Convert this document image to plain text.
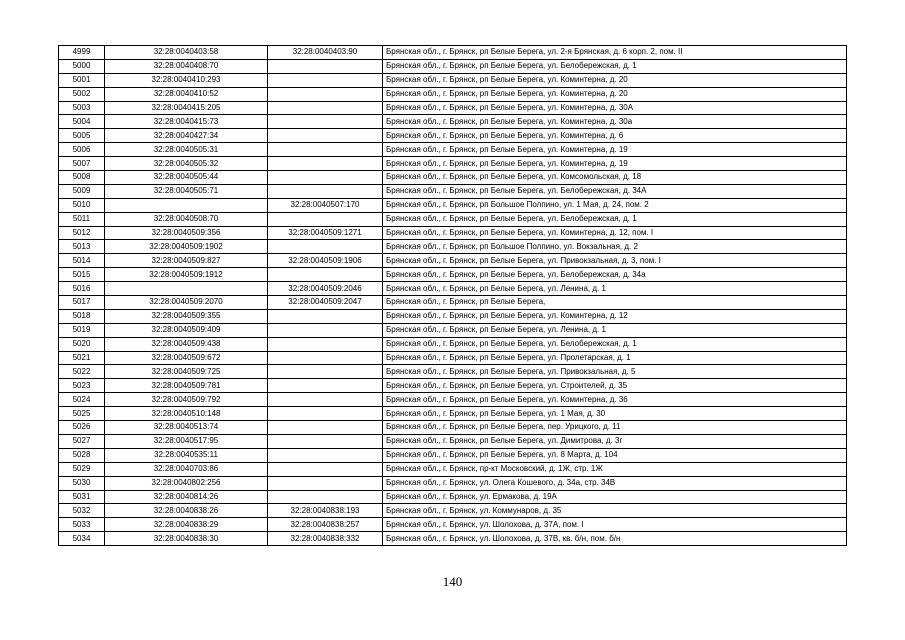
4999	32:28:0040403:58	32:28:0040403:90	Брянская обл., г. Брянск, рп Белые Берега, ул. 2-я Брянская, д. 6 корп. 2, пом. II
5000	32:28:0040408:70		Брянская обл., г. Брянск, рп Белые Берега, ул. Белобережская, д. 1
5001	32:28:0040410:293		Брянская обл., г. Брянск, рп Белые Берега, ул. Коминтерна, д. 20
5002	32:28:0040410:52		Брянская обл., г. Брянск, рп Белые Берега, ул. Коминтерна, д. 20
5003	32:28:0040415:205		Брянская обл., г. Брянск, рп Белые Берега, ул. Коминтерна, д. 30А
5004	32:28:0040415:73		Брянская обл., г. Брянск, рп Белые Берега, ул. Коминтерна, д. 30а
5005	32:28:0040427:34		Брянская обл., г. Брянск, рп Белые Берега, ул. Коминтерна, д. 6
5006	32:28:0040505:31		Брянская обл., г. Брянск, рп Белые Берега, ул. Коминтерна, д. 19
5007	32:28:0040505:32		Брянская обл., г. Брянск, рп Белые Берега, ул. Коминтерна, д. 19
5008	32:28:0040505:44		Брянская обл., г. Брянск, рп Белые Берега, ул. Комсомольская, д. 18
5009	32:28:0040505:71		Брянская обл., г. Брянск, рп Белые Берега, ул. Белобережская, д. 34А
5010		32:28:0040507:170	Брянская обл., г. Брянск, рп Большое Полпино, ул. 1 Мая, д. 24, пом. 2
5011	32:28:0040508:70		Брянская обл., г. Брянск, рп Белые Берега, ул. Белобережская, д. 1
5012	32:28:0040509:356	32:28:0040509:1271	Брянская обл., г. Брянск, рп Белые Берега, ул. Коминтерна, д. 12, пом. I
5013	32:28:0040509:1902		Брянская обл., г. Брянск, рп Большое Полпино, ул. Вокзальная, д. 2
5014	32:28:0040509:827	32:28:0040509:1906	Брянская обл., г. Брянск, рп Белые Берега, ул. Привокзальная, д. 3, пом. I
5015	32:28:0040509:1912		Брянская обл., г. Брянск, рп Белые Берега, ул. Белобережская, д. 34а
5016		32:28:0040509:2046	Брянская обл., г. Брянск, рп Белые Берега, ул. Ленина, д. 1
5017	32:28:0040509:2070	32:28:0040509:2047	Брянская обл., г. Брянск, рп Белые Берега,
5018	32:28:0040509:355		Брянская обл., г. Брянск, рп Белые Берега, ул. Коминтерна, д. 12
5019	32:28:0040509:409		Брянская обл., г. Брянск, рп Белые Берега, ул. Ленина, д. 1
5020	32:28:0040509:438		Брянская обл., г. Брянск, рп Белые Берега, ул. Белобережская, д. 1
5021	32:28:0040509:672		Брянская обл., г. Брянск, рп Белые Берега, ул. Пролетарская, д. 1
5022	32:28:0040509:725		Брянская обл., г. Брянск, рп Белые Берега, ул. Привокзальная, д. 5
5023	32:28:0040509:781		Брянская обл., г. Брянск, рп Белые Берега, ул. Строителей, д. 35
5024	32:28:0040509:792		Брянская обл., г. Брянск, рп Белые Берега, ул. Коминтерна, д. 36
5025	32:28:0040510:148		Брянская обл., г. Брянск, рп Белые Берега, ул. 1 Мая, д. 30
5026	32:28:0040513:74		Брянская обл., г. Брянск, рп Белые Берега, пер. Урицкого, д. 11
5027	32:28:0040517:95		Брянская обл., г. Брянск, рп Белые Берега, ул. Димитрова, д. 3г
5028	32:28:0040535:11		Брянская обл., г. Брянск, рп Белые Берега, ул. 8 Марта, д. 104
5029	32:28:0040703:86		Брянская обл., г. Брянск, пр-кт Московский, д. 1Ж, стр. 1Ж
5030	32:28:0040802:256		Брянская обл., г. Брянск, ул. Олега Кошевого, д. 34а, стр. 34В
5031	32:28:0040814:26		Брянская обл., г. Брянск, ул. Ермакова, д. 19А
5032	32:28:0040838:26	32:28:0040838:193	Брянская обл., г. Брянск, ул. Коммунаров, д. 35
5033	32:28:0040838:29	32:28:0040838:257	Брянская обл., г. Брянск, ул. Шолохова, д. 37А, пом. I
5034	32:28:0040838:30	32:28:0040838:332	Брянская обл., г. Брянск, ул. Шолохова, д. 37В, кв. б/н, пом. б/н
140
